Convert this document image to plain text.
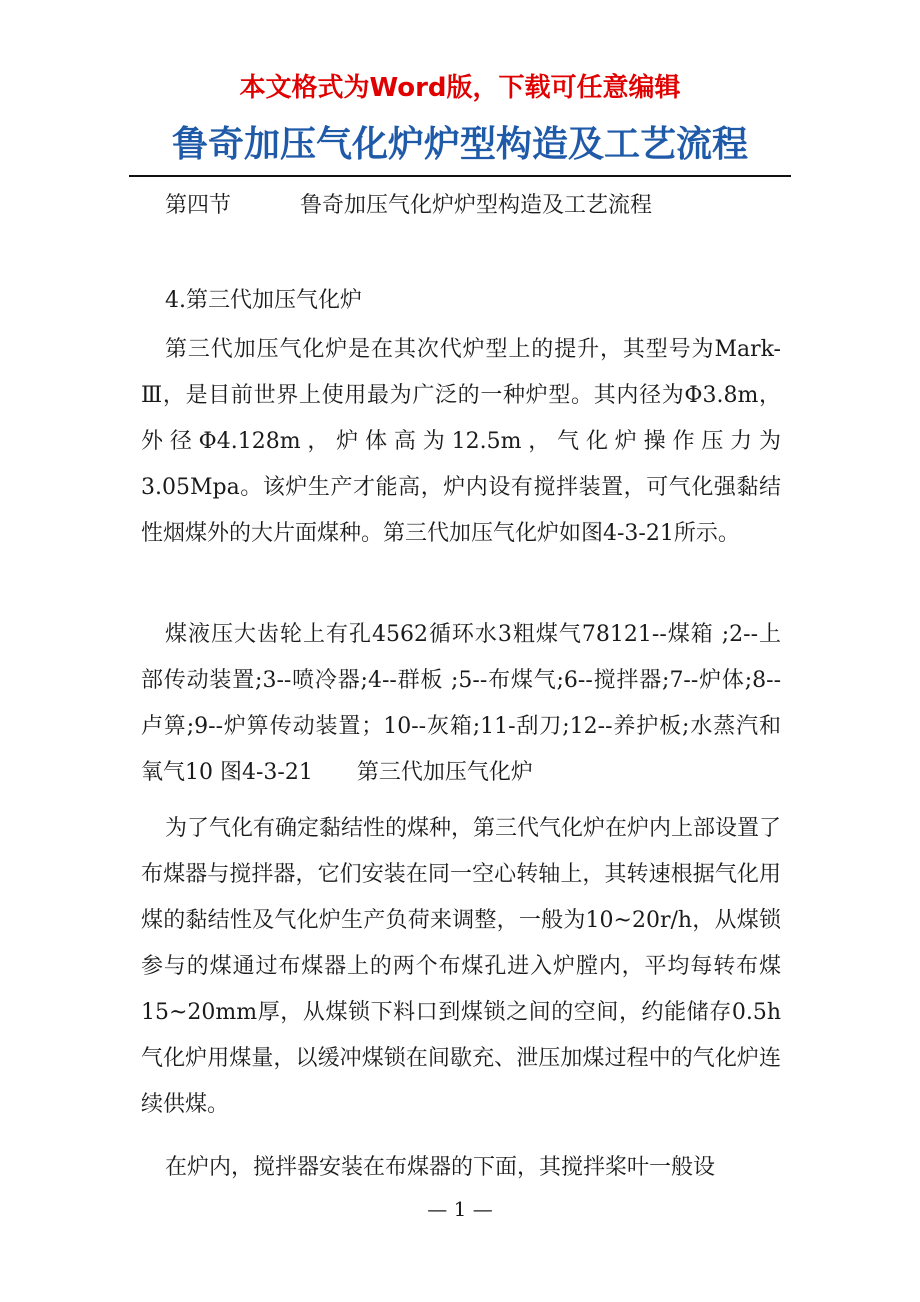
本文格式为Word版，下载可任意编辑

鲁奇加压气化炉炉型构造及工艺流程

第四节	鲁奇加压气化炉炉型构造及工艺流程

4.第三代加压气化炉

第三代加压气化炉是在其次代炉型上的提升，其型号为Mark-Ⅲ，是目前世界上使用最为广泛的一种炉型。其内径为Φ3.8m，外径Φ4.128m，炉体高为12.5m，气化炉操作压力为3.05Mpa。该炉生产才能高，炉内设有搅拌装置，可气化强黏结性烟煤外的大片面煤种。第三代加压气化炉如图4-3-21所示。

煤液压大齿轮上有孔4562循环水3粗煤气78121--煤箱 ;2--上部传动装置;3--喷冷器;4--群板 ;5--布煤气;6--搅拌器;7--炉体;8--卢箅;9--炉箅传动装置；10--灰箱;11-刮刀;12--养护板;水蒸汽和氧气10 图4-3-21　　第三代加压气化炉

为了气化有确定黏结性的煤种，第三代气化炉在炉内上部设置了布煤器与搅拌器，它们安装在同一空心转轴上，其转速根据气化用煤的黏结性及气化炉生产负荷来调整，一般为10~20r/h，从煤锁参与的煤通过布煤器上的两个布煤孔进入炉膛内，平均每转布煤15~20mm厚，从煤锁下料口到煤锁之间的空间，约能储存0.5h气化炉用煤量，以缓冲煤锁在间歇充、泄压加煤过程中的气化炉连续供煤。

在炉内，搅拌器安装在布煤器的下面，其搅拌桨叶一般设

— 1 —
